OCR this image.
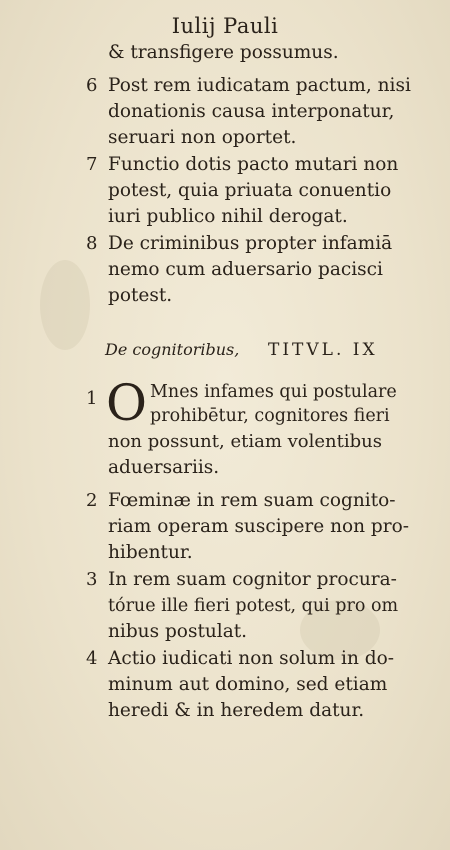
Iulij Pauli
& transfigere possumus.
6 Post rem iudicatam pactum, nisi
donationis causa interponatur,
seruari non oportet.
7 Functio dotis pacto mutari non
potest, quia priuata conuentio
iuri publico nihil derogat.
8 De criminibus propter infamiā
nemo cum aduersario pacisci
potest.
De cognitoribus, TITVL. IX
1 O Mnes infames qui postulare
prohibētur, cognitores fieri
non possunt, etiam volentibus
aduersariis.
2 Fœminæ in rem suam cognito-
riam operam suscipere non pro-
hibentur.
3 In rem suam cognitor procura-
tórue ille fieri potest, qui pro om
nibus postulat.
4 Actio iudicati non solum in do-
minum aut domino, sed etiam
heredi & in heredem datur.
